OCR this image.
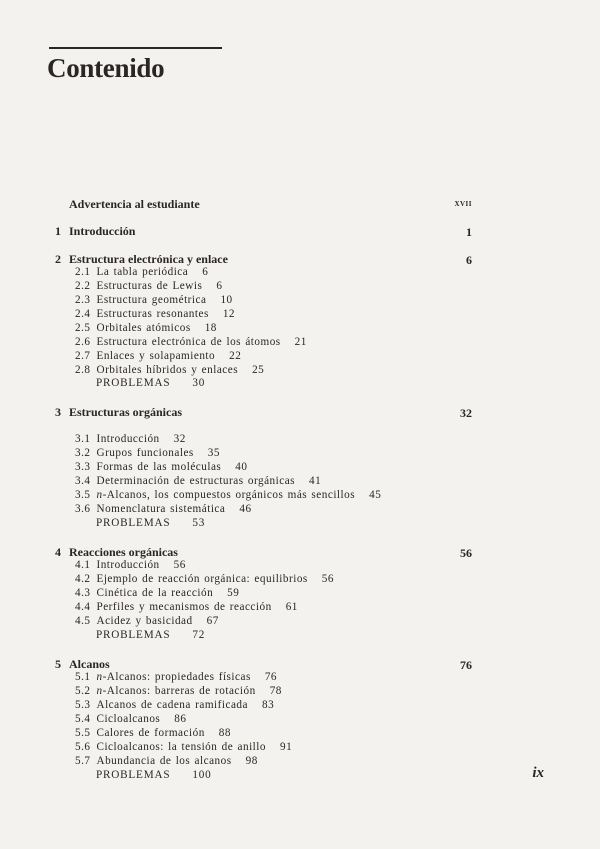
Contenido
Advertencia al estudiante	xvii
1 Introducción	1
2 Estructura electrónica y enlace	6
2.1 La tabla periódica 6
2.2 Estructuras de Lewis 6
2.3 Estructura geométrica 10
2.4 Estructuras resonantes 12
2.5 Orbitales atómicos 18
2.6 Estructura electrónica de los átomos 21
2.7 Enlaces y solapamiento 22
2.8 Orbitales híbridos y enlaces 25
PROBLEMAS 30
3 Estructuras orgánicas	32
3.1 Introducción 32
3.2 Grupos funcionales 35
3.3 Formas de las moléculas 40
3.4 Determinación de estructuras orgánicas 41
3.5 n-Alcanos, los compuestos orgánicos más sencillos 45
3.6 Nomenclatura sistemática 46
PROBLEMAS 53
4 Reacciones orgánicas	56
4.1 Introducción 56
4.2 Ejemplo de reacción orgánica: equilibrios 56
4.3 Cinética de la reacción 59
4.4 Perfiles y mecanismos de reacción 61
4.5 Acidez y basicidad 67
PROBLEMAS 72
5 Alcanos	76
5.1 n-Alcanos: propiedades físicas 76
5.2 n-Alcanos: barreras de rotación 78
5.3 Alcanos de cadena ramificada 83
5.4 Cicloalcanos 86
5.5 Calores de formación 88
5.6 Cicloalcanos: la tensión de anillo 91
5.7 Abundancia de los alcanos 98
PROBLEMAS 100	ix
